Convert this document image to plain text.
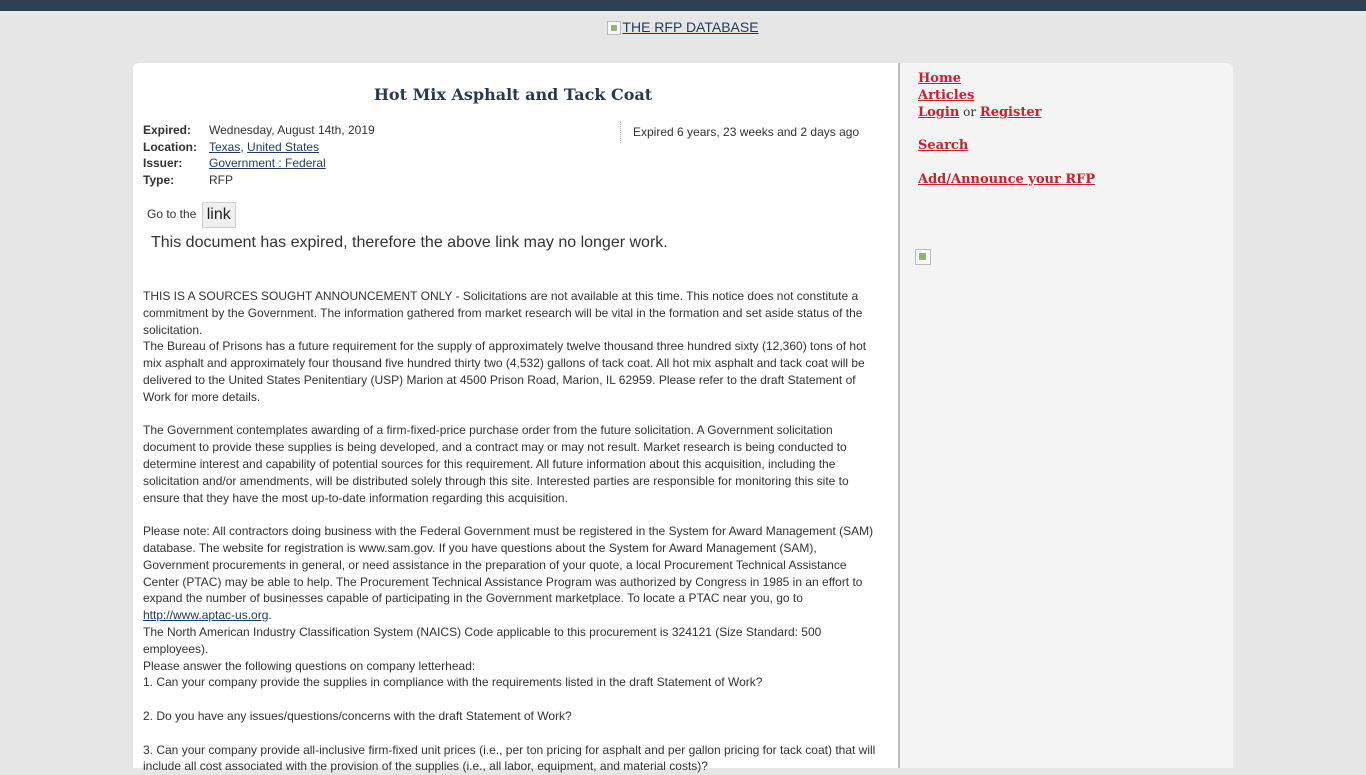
THE RFP DATABASE
Hot Mix Asphalt and Tack Coat
Expired: Wednesday, August 14th, 2019
Location: Texas, United States
Issuer: Government : Federal
Type:	RFP
Expired 6 years, 23 weeks and 2 days ago
Go to the link
This document has expired, therefore the above link may no longer work.

THIS IS A SOURCES SOUGHT ANNOUNCEMENT ONLY - Solicitations are not available at this time. This notice does not constitute a commitment by the Government. The information gathered from market research will be vital in the formation and set aside status of the solicitation.

The Bureau of Prisons has a future requirement for the supply of approximately twelve thousand three hundred sixty (12,360) tons of hot mix asphalt and approximately four thousand five hundred thirty two (4,532) gallons of tack coat. All hot mix asphalt and tack coat will be delivered to the United States Penitentiary (USP) Marion at 4500 Prison Road, Marion, IL 62959. Please refer to the draft Statement of Work for more details.

The Government contemplates awarding of a firm-fixed-price purchase order from the future solicitation. A Government solicitation document to provide these supplies is being developed, and a contract may or may not result. Market research is being conducted to determine interest and capability of potential sources for this requirement. All future information about this acquisition, including the solicitation and/or amendments, will be distributed solely through this site. Interested parties are responsible for monitoring this site to ensure that they have the most up-to-date information regarding this acquisition.

Please note: All contractors doing business with the Federal Government must be registered in the System for Award Management (SAM) database. The website for registration is www.sam.gov. If you have questions about the System for Award Management (SAM), Government procurements in general, or need assistance in the preparation of your quote, a local Procurement Technical Assistance Center (PTAC) may be able to help. The Procurement Technical Assistance Program was authorized by Congress in 1985 in an effort to expand the number of businesses capable of participating in the Government marketplace. To locate a PTAC near you, go to
http://www.aptac-us.org.

The North American Industry Classification System (NAICS) Code applicable to this procurement is 324121 (Size Standard: 500 employees).

Please answer the following questions on company letterhead:

1. Can your company provide the supplies in compliance with the requirements listed in the draft Statement of Work?

2. Do you have any issues/questions/concerns with the draft Statement of Work?

3. Can your company provide all-inclusive firm-fixed unit prices (i.e., per ton pricing for asphalt and per gallon pricing for tack coat) that will include all cost associated with the provision of the supplies (i.e., all labor, equipment, and material costs)?

Home
Articles
Login or Register
Search
Add/Announce your RFP
